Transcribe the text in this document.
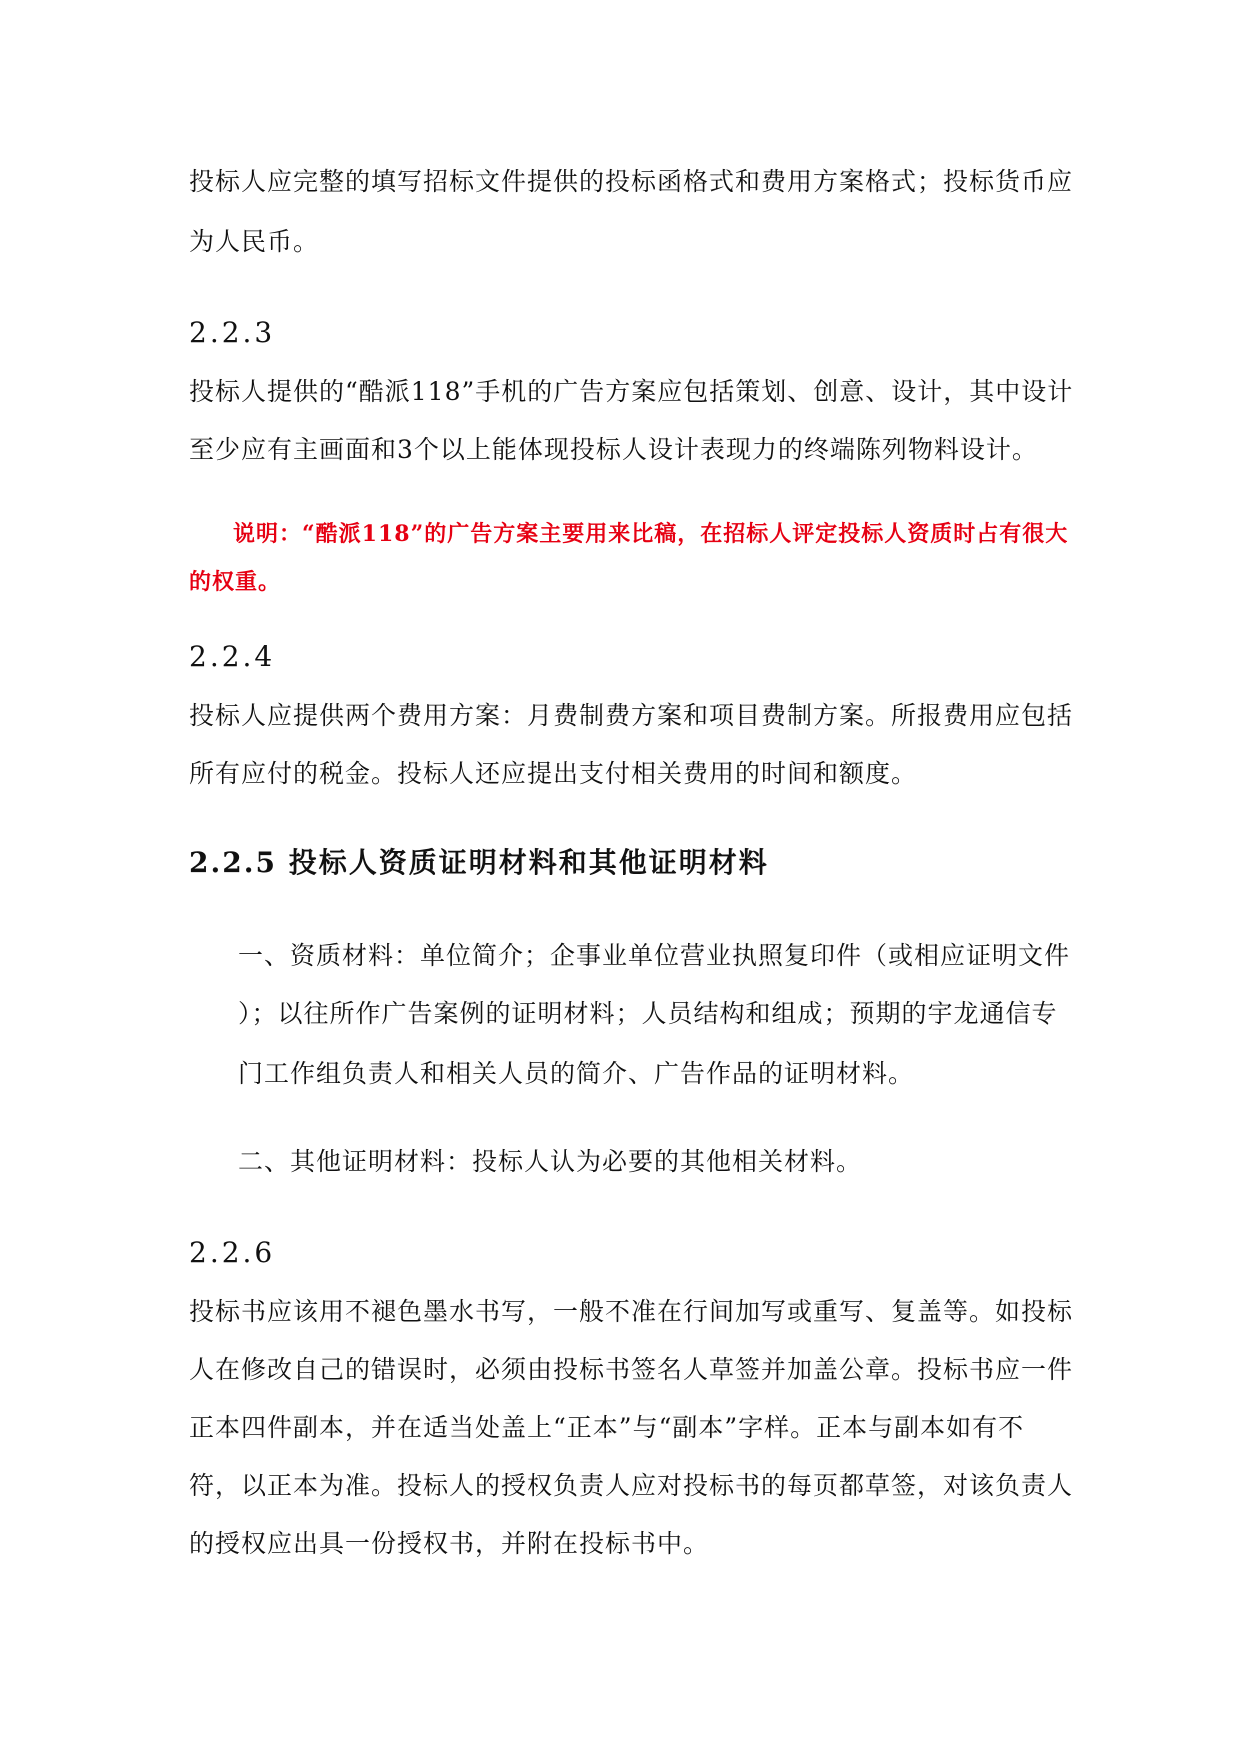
投标人应完整的填写招标文件提供的投标函格式和费用方案格式；投标货币应
为人民币。
2.2.3
投标人提供的“酷派118”手机的广告方案应包括策划、创意、设计，其中设计
至少应有主画面和3个以上能体现投标人设计表现力的终端陈列物料设计。
说明：“酷派118”的广告方案主要用来比稿，在招标人评定投标人资质时占有很大
的权重。
2.2.4
投标人应提供两个费用方案：月费制费方案和项目费制方案。所报费用应包括
所有应付的税金。投标人还应提出支付相关费用的时间和额度。
2.2.5 投标人资质证明材料和其他证明材料
一、资质材料：单位简介；企事业单位营业执照复印件（或相应证明文件
）；以往所作广告案例的证明材料；人员结构和组成；预期的宇龙通信专
门工作组负责人和相关人员的简介、广告作品的证明材料。
二、其他证明材料：投标人认为必要的其他相关材料。
2.2.6
投标书应该用不褪色墨水书写，一般不准在行间加写或重写、复盖等。如投标
人在修改自己的错误时，必须由投标书签名人草签并加盖公章。投标书应一件
正本四件副本，并在适当处盖上“正本”与“副本”字样。正本与副本如有不
符，以正本为准。投标人的授权负责人应对投标书的每页都草签，对该负责人
的授权应出具一份授权书，并附在投标书中。
